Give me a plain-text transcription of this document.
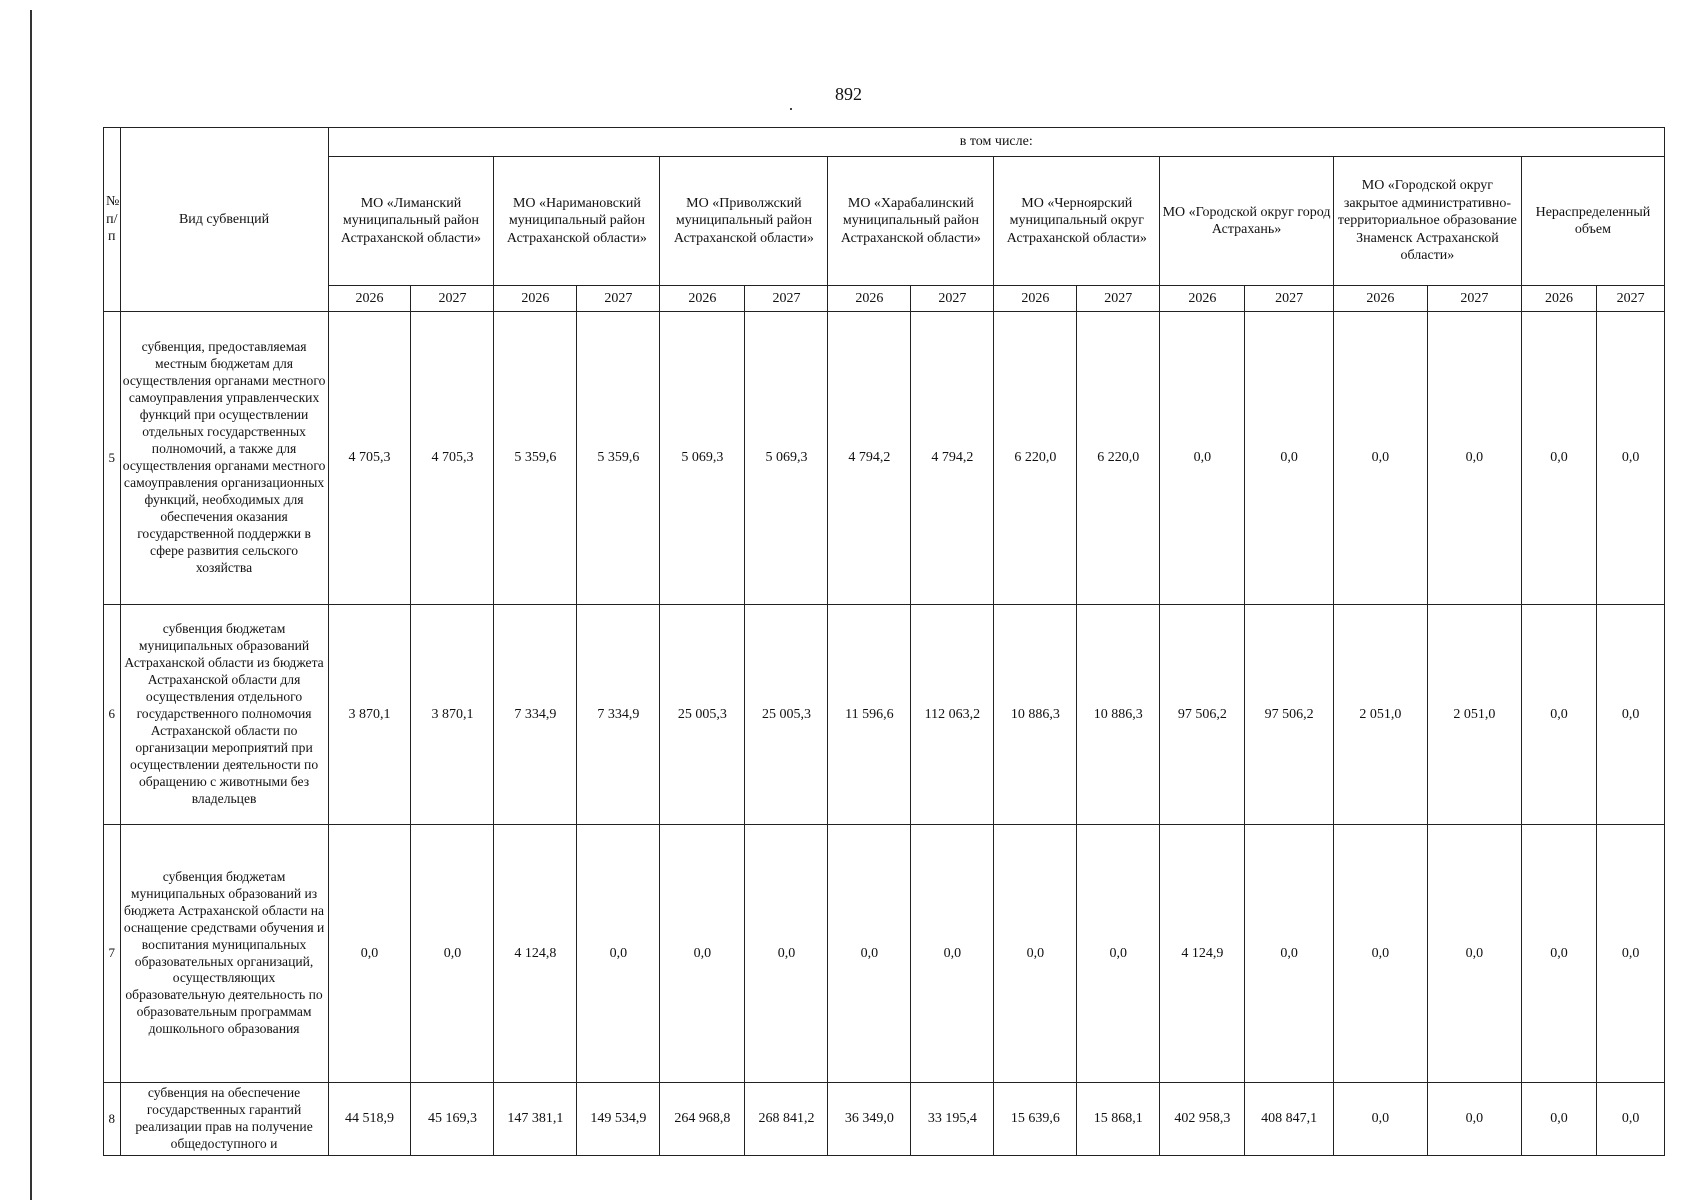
892
№ п/п	Вид субвенций	в том числе:															
		МО «Лиманский муниципальный район Астраханской области»		МО «Наримановский муниципальный район Астраханской области»		МО «Приволжский муниципальный район Астраханской области»		МО «Харабалинский муниципальный район Астраханской области»		МО «Черноярский муниципальный округ Астраханской области»		МО «Городской округ город Астрахань»		МО «Городской округ закрытое административно-территориальное образование Знаменск Астраханской области»		Нераспределенный объем	
		2026	2027	2026	2027	2026	2027	2026	2027	2026	2027	2026	2027	2026	2027	2026	2027
5	субвенция, предоставляемая местным бюджетам для осуществления органами местного самоуправления управленческих функций при осуществлении отдельных государственных полномочий, а также для осуществления органами местного самоуправления организационных функций, необходимых для обеспечения оказания государственной поддержки в сфере развития сельского хозяйства	4 705,3	4 705,3	5 359,6	5 359,6	5 069,3	5 069,3	4 794,2	4 794,2	6 220,0	6 220,0	0,0	0,0	0,0	0,0	0,0	0,0
6	субвенция бюджетам муниципальных образований Астраханской области из бюджета Астраханской области для осуществления отдельного государственного полномочия Астраханской области по организации мероприятий при осуществлении деятельности по обращению с животными без владельцев	3 870,1	3 870,1	7 334,9	7 334,9	25 005,3	25 005,3	11 596,6	112 063,2	10 886,3	10 886,3	97 506,2	97 506,2	2 051,0	2 051,0	0,0	0,0
7	субвенция бюджетам муниципальных образований из бюджета Астраханской области на оснащение средствами обучения и воспитания муниципальных образовательных организаций, осуществляющих образовательную деятельность по образовательным программам дошкольного образования	0,0	0,0	4 124,8	0,0	0,0	0,0	0,0	0,0	0,0	0,0	4 124,9	0,0	0,0	0,0	0,0	0,0
8	субвенция на обеспечение государственных гарантий реализации прав на получение общедоступного и	44 518,9	45 169,3	147 381,1	149 534,9	264 968,8	268 841,2	36 349,0	33 195,4	15 639,6	15 868,1	402 958,3	408 847,1	0,0	0,0	0,0	0,0
